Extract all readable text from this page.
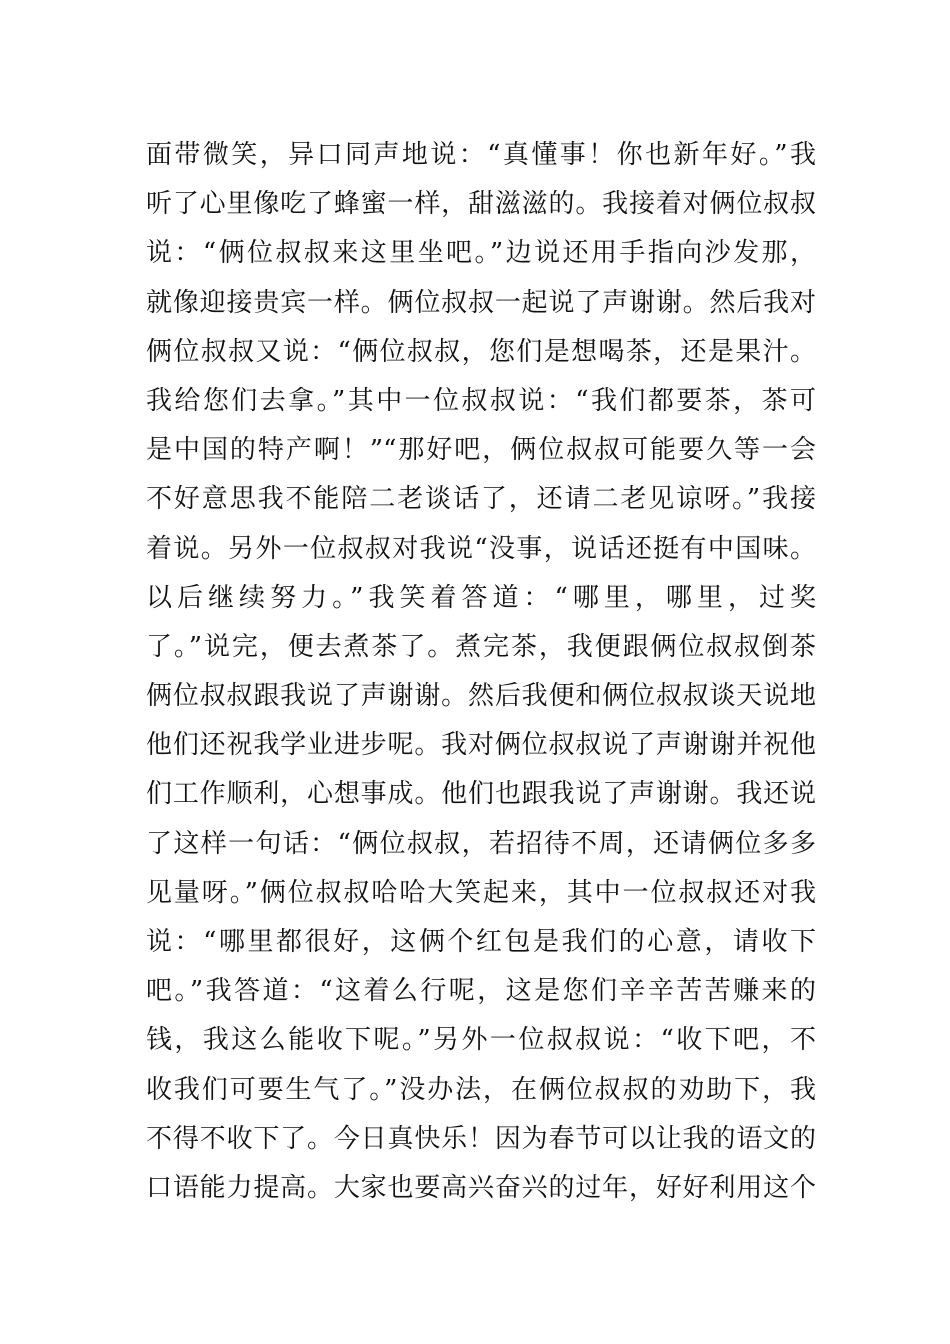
面带微笑，异口同声地说：“真懂事！你也新年好。”我
听了心里像吃了蜂蜜一样，甜滋滋的。我接着对俩位叔叔
说：“俩位叔叔来这里坐吧。”边说还用手指向沙发那，
就像迎接贵宾一样。俩位叔叔一起说了声谢谢。然后我对
俩位叔叔又说：“俩位叔叔，您们是想喝茶，还是果汁。
我给您们去拿。”其中一位叔叔说：“我们都要茶，茶可
是中国的特产啊！”“那好吧，俩位叔叔可能要久等一会
不好意思我不能陪二老谈话了，还请二老见谅呀。”我接
着说。另外一位叔叔对我说“没事，说话还挺有中国味。
以后继续努力。”我笑着答道：“哪里，哪里，过奖
了。”说完，便去煮茶了。煮完茶，我便跟俩位叔叔倒茶
俩位叔叔跟我说了声谢谢。然后我便和俩位叔叔谈天说地
他们还祝我学业进步呢。我对俩位叔叔说了声谢谢并祝他
们工作顺利，心想事成。他们也跟我说了声谢谢。我还说
了这样一句话：“俩位叔叔，若招待不周，还请俩位多多
见量呀。”俩位叔叔哈哈大笑起来，其中一位叔叔还对我
说：“哪里都很好，这俩个红包是我们的心意，请收下
吧。”我答道：“这着么行呢，这是您们辛辛苦苦赚来的
钱，我这么能收下呢。”另外一位叔叔说：“收下吧，不
收我们可要生气了。”没办法，在俩位叔叔的劝助下，我
不得不收下了。今日真快乐！因为春节可以让我的语文的
口语能力提高。大家也要高兴奋兴的过年，好好利用这个
